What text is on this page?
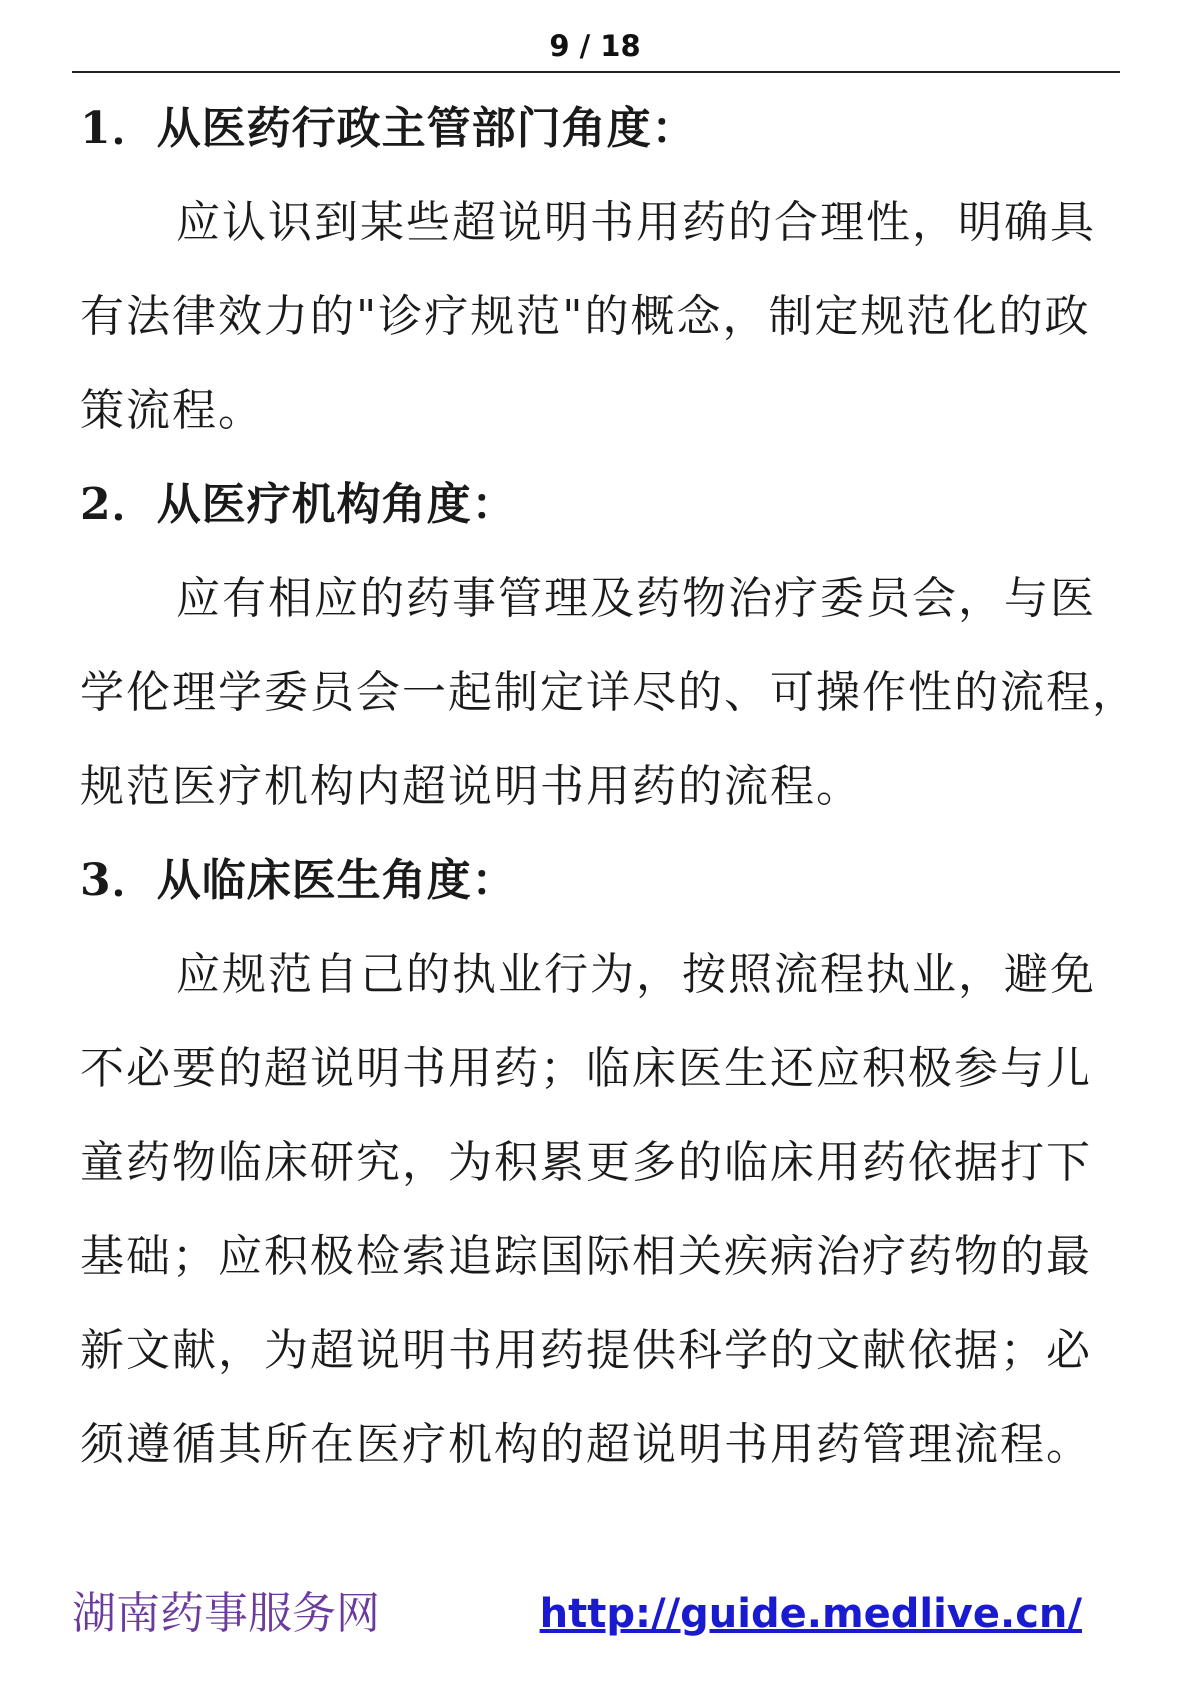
9 / 18

1．从医药行政主管部门角度：

应认识到某些超说明书用药的合理性，明确具

有法律效力的"诊疗规范"的概念，制定规范化的政

策流程。

2．从医疗机构角度：

应有相应的药事管理及药物治疗委员会，与医

学伦理学委员会一起制定详尽的、可操作性的流程，

规范医疗机构内超说明书用药的流程。

3．从临床医生角度：

应规范自己的执业行为，按照流程执业，避免

不必要的超说明书用药；临床医生还应积极参与儿

童药物临床研究，为积累更多的临床用药依据打下

基础；应积极检索追踪国际相关疾病治疗药物的最

新文献，为超说明书用药提供科学的文献依据；必

须遵循其所在医疗机构的超说明书用药管理流程。

湖南药事服务网	http://guide.medlive.cn/
